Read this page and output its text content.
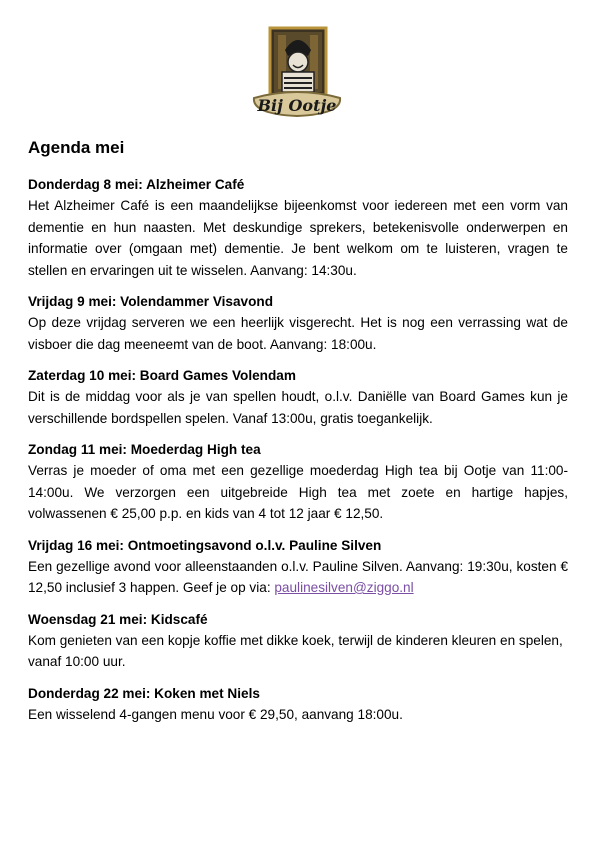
Bij Ootje
Agenda mei

Donderdag 8 mei: Alzheimer Café

Het Alzheimer Café is een maandelijkse bijeenkomst voor iedereen met een vorm van dementie en hun naasten. Met deskundige sprekers, betekenisvolle onderwerpen en informatie over (omgaan met) dementie. Je bent welkom om te luisteren, vragen te stellen en ervaringen uit te wisselen. Aanvang: 14:30u.

Vrijdag 9 mei: Volendammer Visavond

Op deze vrijdag serveren we een heerlijk visgerecht. Het is nog een verrassing wat de visboer die dag meeneemt van de boot. Aanvang: 18:00u.

Zaterdag 10 mei: Board Games Volendam

Dit is de middag voor als je van spellen houdt, o.l.v. Daniëlle van Board Games kun je verschillende bordspellen spelen. Vanaf 13:00u, gratis toegankelijk.

Zondag 11 mei: Moederdag High tea

Verras je moeder of oma met een gezellige moederdag High tea bij Ootje van 11:00-14:00u. We verzorgen een uitgebreide High tea met zoete en hartige hapjes, volwassenen € 25,00 p.p. en kids van 4 tot 12 jaar € 12,50.

Vrijdag 16 mei: Ontmoetingsavond o.l.v. Pauline Silven

Een gezellige avond voor alleenstaanden o.l.v. Pauline Silven. Aanvang: 19:30u, kosten € 12,50 inclusief 3 happen. Geef je op via: paulinesilven@ziggo.nl

Woensdag 21 mei: Kidscafé

Kom genieten van een kopje koffie met dikke koek, terwijl de kinderen kleuren en spelen, vanaf 10:00 uur.

Donderdag 22 mei: Koken met Niels

Een wisselend 4-gangen menu voor € 29,50, aanvang 18:00u.
